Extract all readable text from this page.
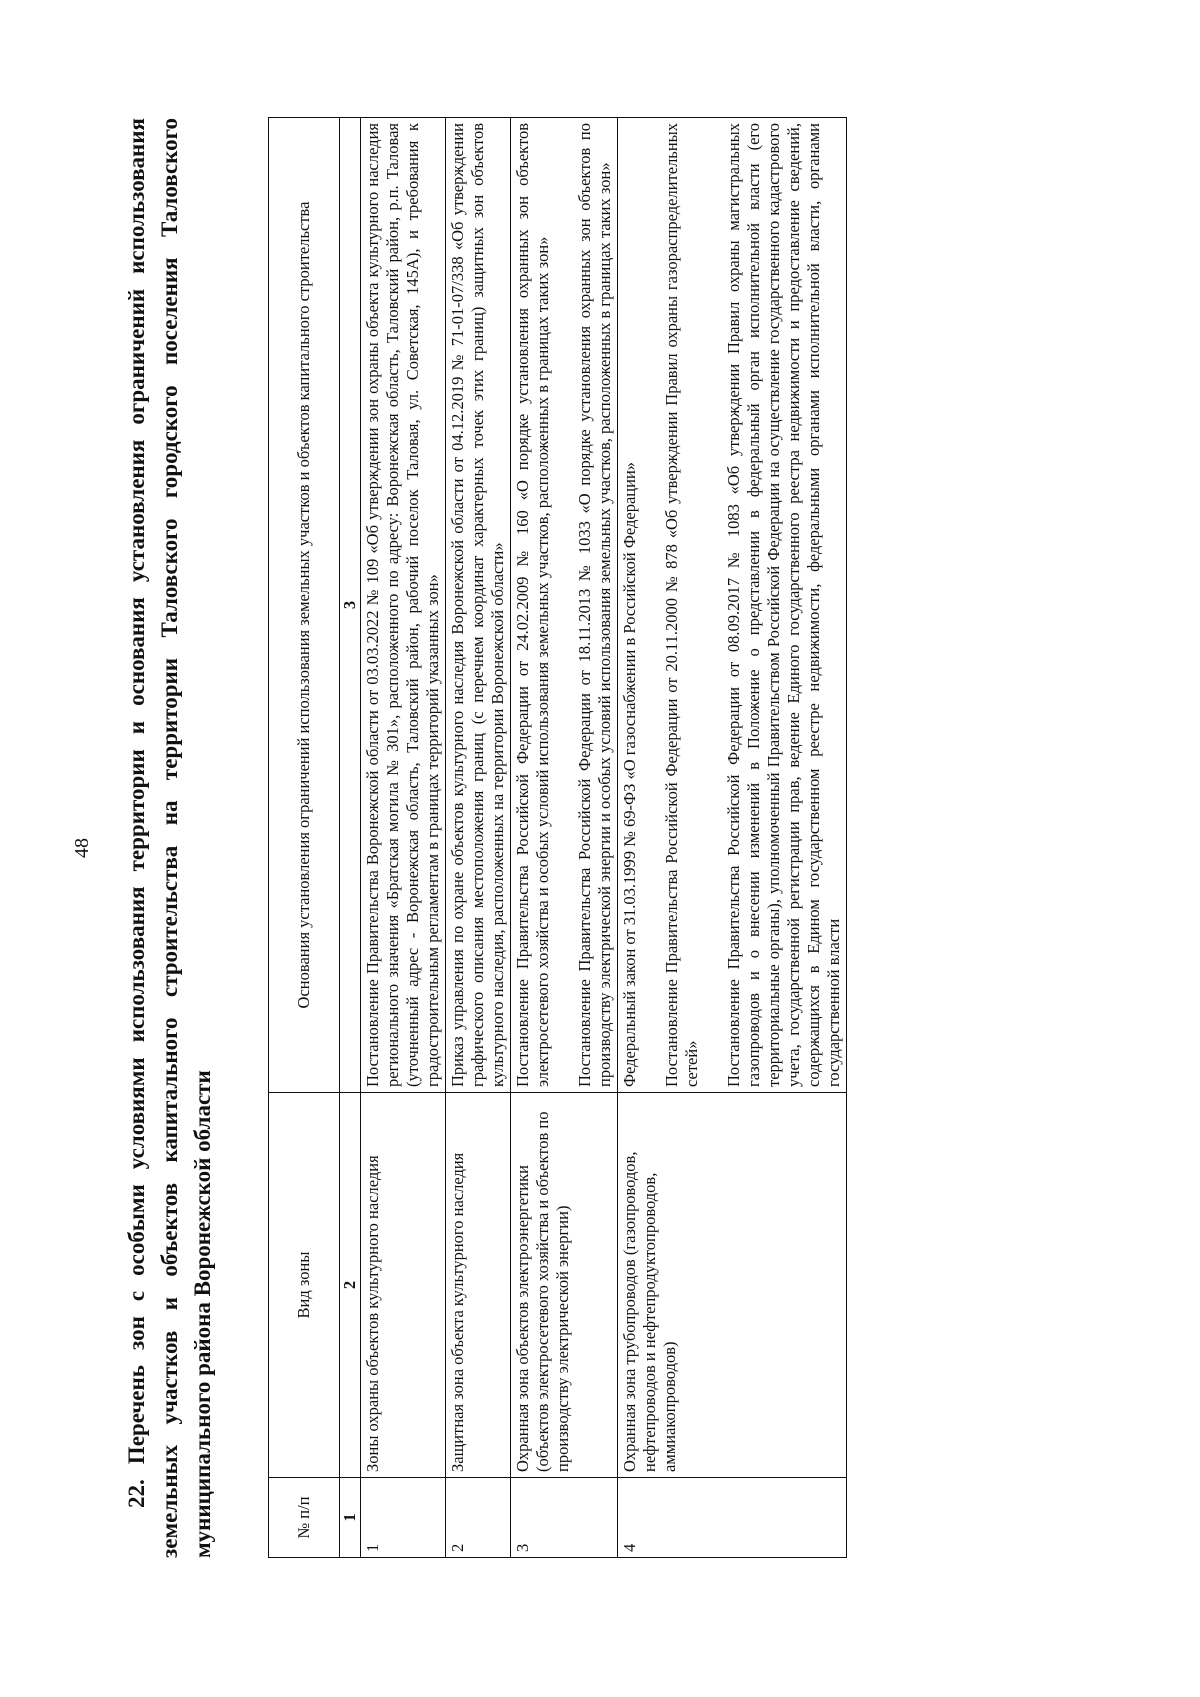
48
22. Перечень зон с особыми условиями использования территории и основания установления ограничений использования земельных участков и объектов капитального строительства на территории Таловского городского поселения Таловского муниципального района Воронежской области	№ п/п	Вид зоны	Основания установления ограничений использования земельных участков и объектов капитального строительства
1	2	3
1	Зоны охраны объектов культурного наследия	Постановление Правительства Воронежской области от 03.03.2022 № 109 «Об утверждении зон охраны объекта культурного наследия регионального значения «Братская могила № 301», расположенного по адресу: Воронежская область, Таловский район, р.п. Таловая (уточненный адрес - Воронежская область, Таловский район, рабочий поселок Таловая, ул. Советская, 145А), и требования к градостроительным регламентам в границах территорий указанных зон»

2	Защитная зона объекта культурного наследия	Приказ управления по охране объектов культурного наследия Воронежской области от 04.12.2019 № 71-01-07/338 «Об утверждении графического описания местоположения границ (с перечнем координат характерных точек этих границ) защитных зон объектов культурного наследия, расположенных на территории Воронежской области»

3	Охранная зона объектов электроэнергетики (объектов электросетевого хозяйства и объектов по производству электрической энергии)	Постановление Правительства Российской Федерации от 24.02.2009 № 160 «О порядке установления охранных зон объектов электросетевого хозяйства и особых условий использования земельных участков, расположенных в границах таких зон» Постановление Правительства Российской Федерации от 18.11.2013 № 1033 «О порядке установления охранных зон объектов по производству электрической энергии и особых условий использования земельных участков, расположенных в границах таких зон»

4	Охранная зона трубопроводов (газопроводов, нефтепроводов и нефтепродуктопроводов, аммиакопроводов)	Федеральный закон от 31.03.1999 № 69-ФЗ «О газоснабжении в Российской Федерации» Постановление Правительства Российской Федерации от 20.11.2000 № 878 «Об утверждении Правил охраны газораспределительных сетей» Постановление Правительства Российской Федерации от 08.09.2017 № 1083 «Об утверждении Правил охраны магистральных газопроводов и о внесении изменений в Положение о представлении в федеральный орган исполнительной власти (его территориальные органы), уполномоченный Правительством Российской Федерации на осуществление государственного кадастрового учета, государственной регистрации прав, ведение Единого государственного реестра недвижимости и предоставление сведений, содержащихся в Едином государственном реестре недвижимости, федеральными органами исполнительной власти, органами государственной власти
